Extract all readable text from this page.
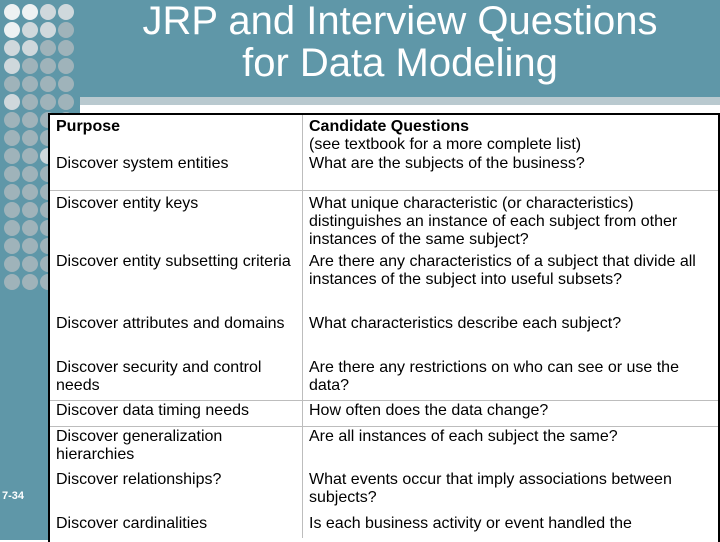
JRP and Interview Questions
for Data Modeling
7-34
Purpose	Candidate Questions
(see textbook for a more complete list)

Discover system entities	What are the subjects of the business?
Discover entity keys	What unique characteristic (or characteristics) distinguishes an instance of each subject from other instances of the same subject?
Discover entity subsetting criteria	Are there any characteristics of a subject that divide all instances of the subject into useful subsets?
Discover attributes and domains	What characteristics describe each subject?
Discover security and control needs	Are there any restrictions on who can see or use the data?
Discover data timing needs	How often does the data change?
Discover generalization hierarchies	Are all instances of each subject the same?
Discover relationships?	What events occur that imply associations between subjects?
Discover cardinalities	Is each business activity or event handled the
